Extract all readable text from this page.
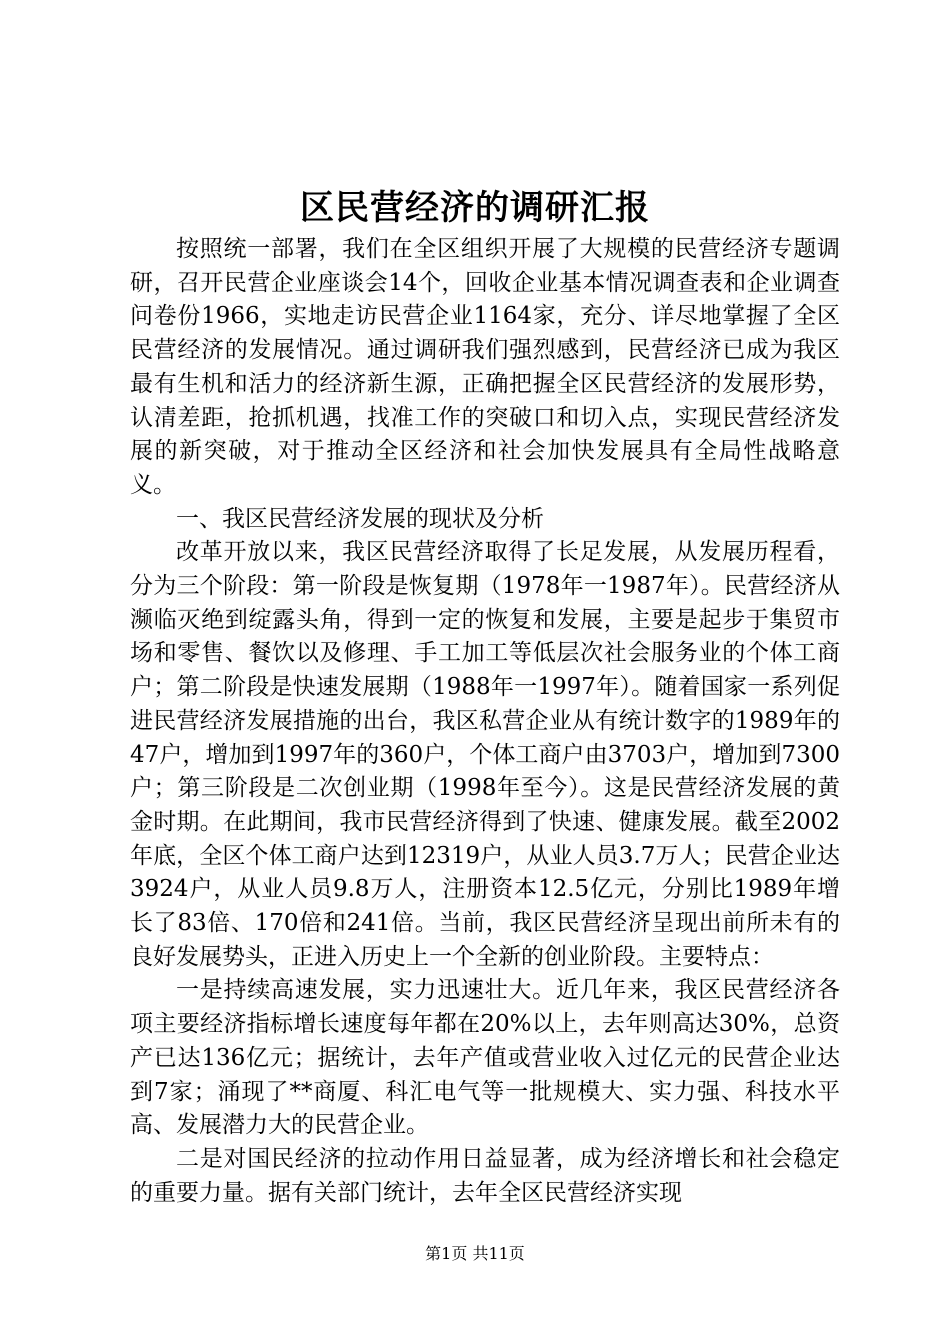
区民营经济的调研汇报

按照统一部署，我们在全区组织开展了大规模的民营经济专题调研，召开民营企业座谈会14个，回收企业基本情况调查表和企业调查问卷份1966，实地走访民营企业1164家，充分、详尽地掌握了全区民营经济的发展情况。通过调研我们强烈感到，民营经济已成为我区最有生机和活力的经济新生源，正确把握全区民营经济的发展形势，认清差距，抢抓机遇，找准工作的突破口和切入点，实现民营经济发展的新突破，对于推动全区经济和社会加快发展具有全局性战略意义。

一、我区民营经济发展的现状及分析

改革开放以来，我区民营经济取得了长足发展，从发展历程看，分为三个阶段：第一阶段是恢复期（1978年一1987年）。民营经济从濒临灭绝到绽露头角，得到一定的恢复和发展，主要是起步于集贸市场和零售、餐饮以及修理、手工加工等低层次社会服务业的个体工商户；第二阶段是快速发展期（1988年一1997年）。随着国家一系列促进民营经济发展措施的出台，我区私营企业从有统计数字的1989年的47户，增加到1997年的360户，个体工商户由3703户，增加到7300户；第三阶段是二次创业期（1998年至今）。这是民营经济发展的黄金时期。在此期间，我市民营经济得到了快速、健康发展。截至2002年底，全区个体工商户达到12319户，从业人员3.7万人；民营企业达3924户，从业人员9.8万人，注册资本12.5亿元，分别比1989年增长了83倍、170倍和241倍。当前，我区民营经济呈现出前所未有的良好发展势头，正进入历史上一个全新的创业阶段。主要特点：

一是持续高速发展，实力迅速壮大。近几年来，我区民营经济各项主要经济指标增长速度每年都在20%以上，去年则高达30%，总资产已达136亿元；据统计，去年产值或营业收入过亿元的民营企业达到7家；涌现了**商厦、科汇电气等一批规模大、实力强、科技水平高、发展潜力大的民营企业。

二是对国民经济的拉动作用日益显著，成为经济增长和社会稳定的重要力量。据有关部门统计，去年全区民营经济实现

第1页 共11页
